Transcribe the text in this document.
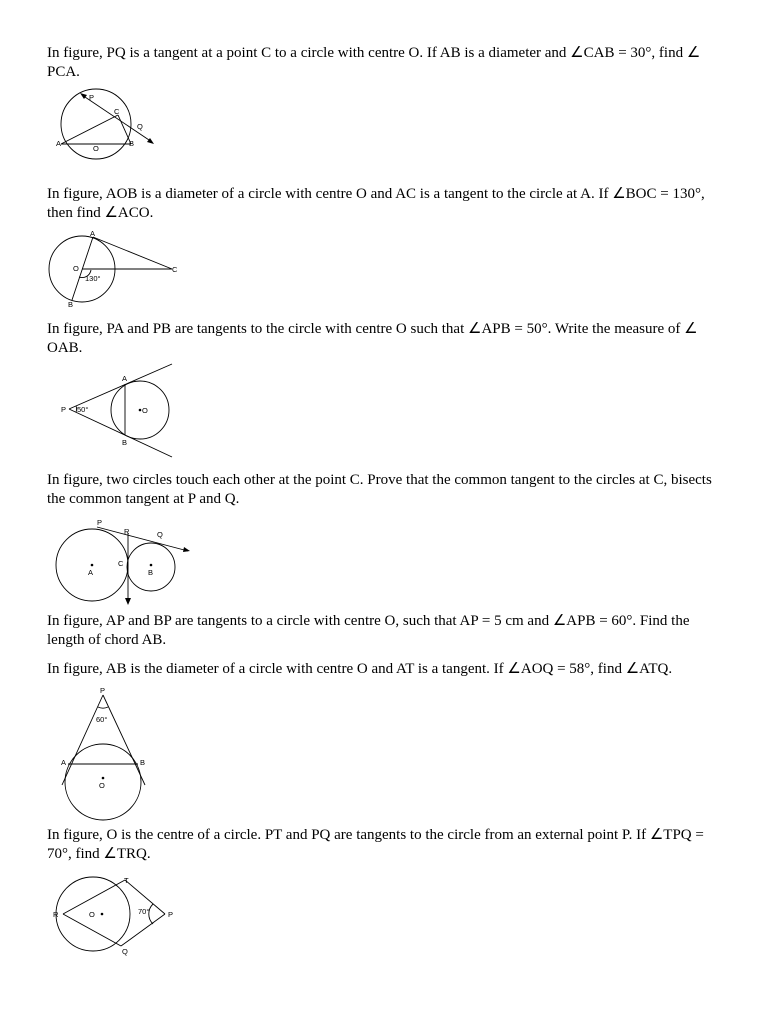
In figure, PQ is a tangent at a point C to a circle with centre O. If AB is a diameter and ∠CAB = 30°, find ∠ PCA.
P
C
Q
A
O
B
In figure, AOB is a diameter of a circle with centre O and AC is a tangent to the circle at A. If ∠BOC = 130°, then find ∠ACO.
A
O	C
B
130°
In figure, PA and PB are tangents to the circle with centre O such that ∠APB = 50°. Write the measure of ∠ OAB.
A
P	O
B
50°
In figure, two circles touch each other at the point C. Prove that the common tangent to the circles at C, bisects the common tangent at P and Q.
P
R	Q
C
A	B
In figure, AP and BP are tangents to a circle with centre O, such that AP = 5 cm and ∠APB = 60°. Find the length of chord AB.
In figure, AB is the diameter of a circle with centre O and AT is a tangent. If ∠AOQ = 58°, find ∠ATQ.
P
60°
A	B
O
In figure, O is the centre of a circle. PT and PQ are tangents to the circle from an external point P. If ∠TPQ = 70°, find ∠TRQ.
T
R	O	70° P
Q
